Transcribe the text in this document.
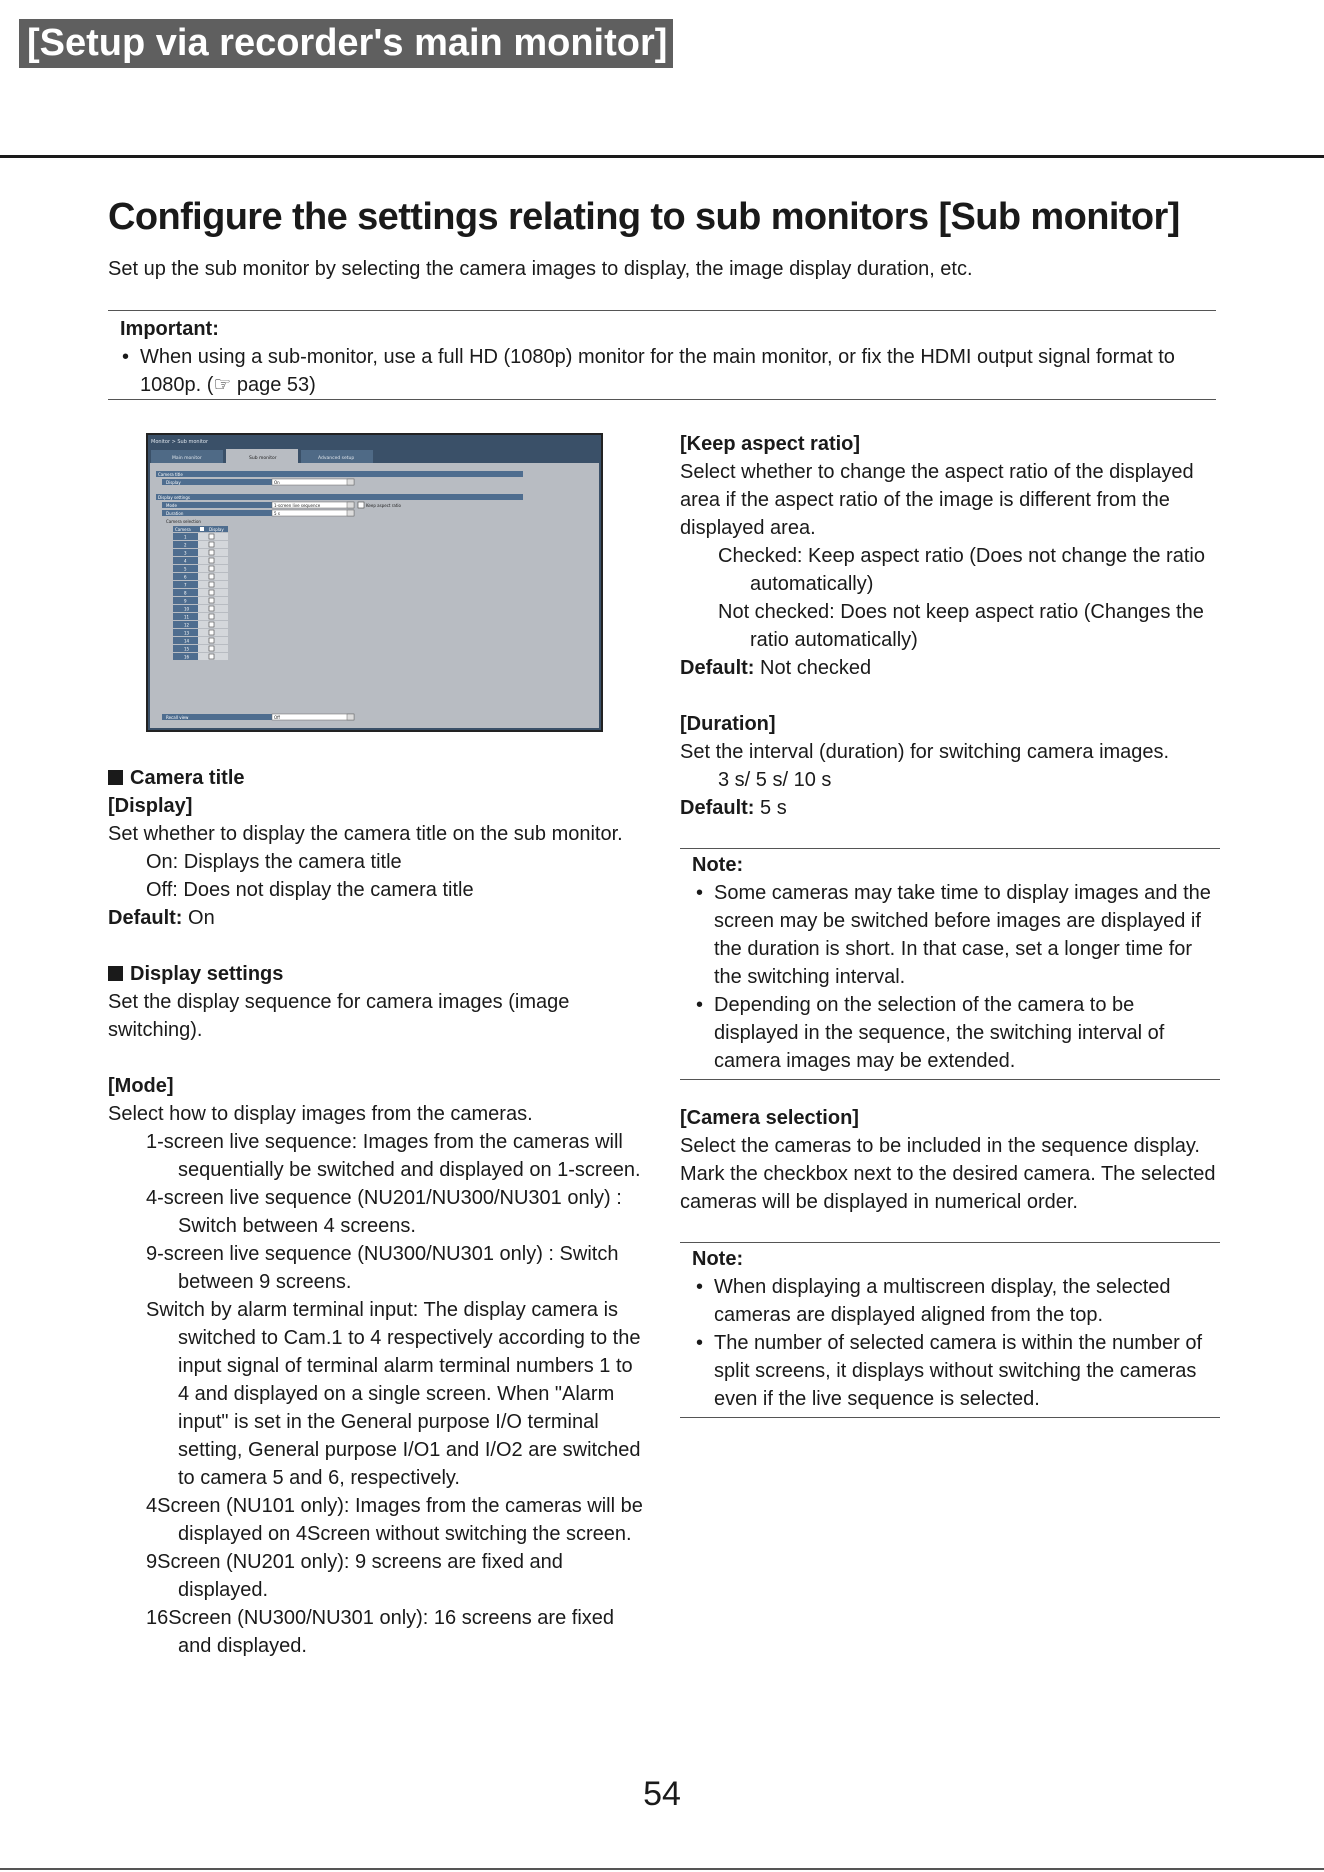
[Setup via recorder's main monitor]
Configure the settings relating to sub monitors [Sub monitor]
Set up the sub monitor by selecting the camera images to display, the image display duration, etc.
Important:
• When using a sub-monitor, use a full HD (1080p) monitor for the main monitor, or fix the HDMI output signal format to 1080p. (☞ page 53)
Monitor > Sub monitor
Main monitor	Sub monitor	Advanced setup
Camera title
Display	On
Display settings
Mode	1-screen live sequence	Keep aspect ratio
Duration	5 s
Camera selection
Camera	Display
1
2
3
4
5
6
7
8
9
10
11
12
13
14
15
16
Recall view	Off
Camera title
[Display]
Set whether to display the camera title on the sub monitor.
On: Displays the camera title
Off: Does not display the camera title
Default: On
Display settings
Set the display sequence for camera images (image switching).
[Mode]
Select how to display images from the cameras.
1-screen live sequence: Images from the cameras will sequentially be switched and displayed on 1-screen.
4-screen live sequence (NU201/NU300/NU301 only) : Switch between 4 screens.
9-screen live sequence (NU300/NU301 only) : Switch between 9 screens.
Switch by alarm terminal input: The display camera is switched to Cam.1 to 4 respectively according to the input signal of terminal alarm terminal numbers 1 to 4 and displayed on a single screen. When "Alarm input" is set in the General purpose I/O terminal setting, General purpose I/O1 and I/O2 are switched to camera 5 and 6, respectively.
4Screen (NU101 only): Images from the cameras will be displayed on 4Screen without switching the screen.
9Screen (NU201 only): 9 screens are fixed and displayed.
16Screen (NU300/NU301 only): 16 screens are fixed and displayed.
[Keep aspect ratio]
Select whether to change the aspect ratio of the displayed area if the aspect ratio of the image is different from the displayed area.
Checked: Keep aspect ratio (Does not change the ratio automatically)
Not checked: Does not keep aspect ratio (Changes the ratio automatically)
Default: Not checked
[Duration]
Set the interval (duration) for switching camera images.
3 s/ 5 s/ 10 s
Default: 5 s
Note:
• Some cameras may take time to display images and the screen may be switched before images are displayed if the duration is short. In that case, set a longer time for the switching interval.
• Depending on the selection of the camera to be displayed in the sequence, the switching interval of camera images may be extended.
[Camera selection]
Select the cameras to be included in the sequence display.
Mark the checkbox next to the desired camera. The selected cameras will be displayed in numerical order.
Note:
• When displaying a multiscreen display, the selected cameras are displayed aligned from the top.
• The number of selected camera is within the number of split screens, it displays without switching the cameras even if the live sequence is selected.
54
